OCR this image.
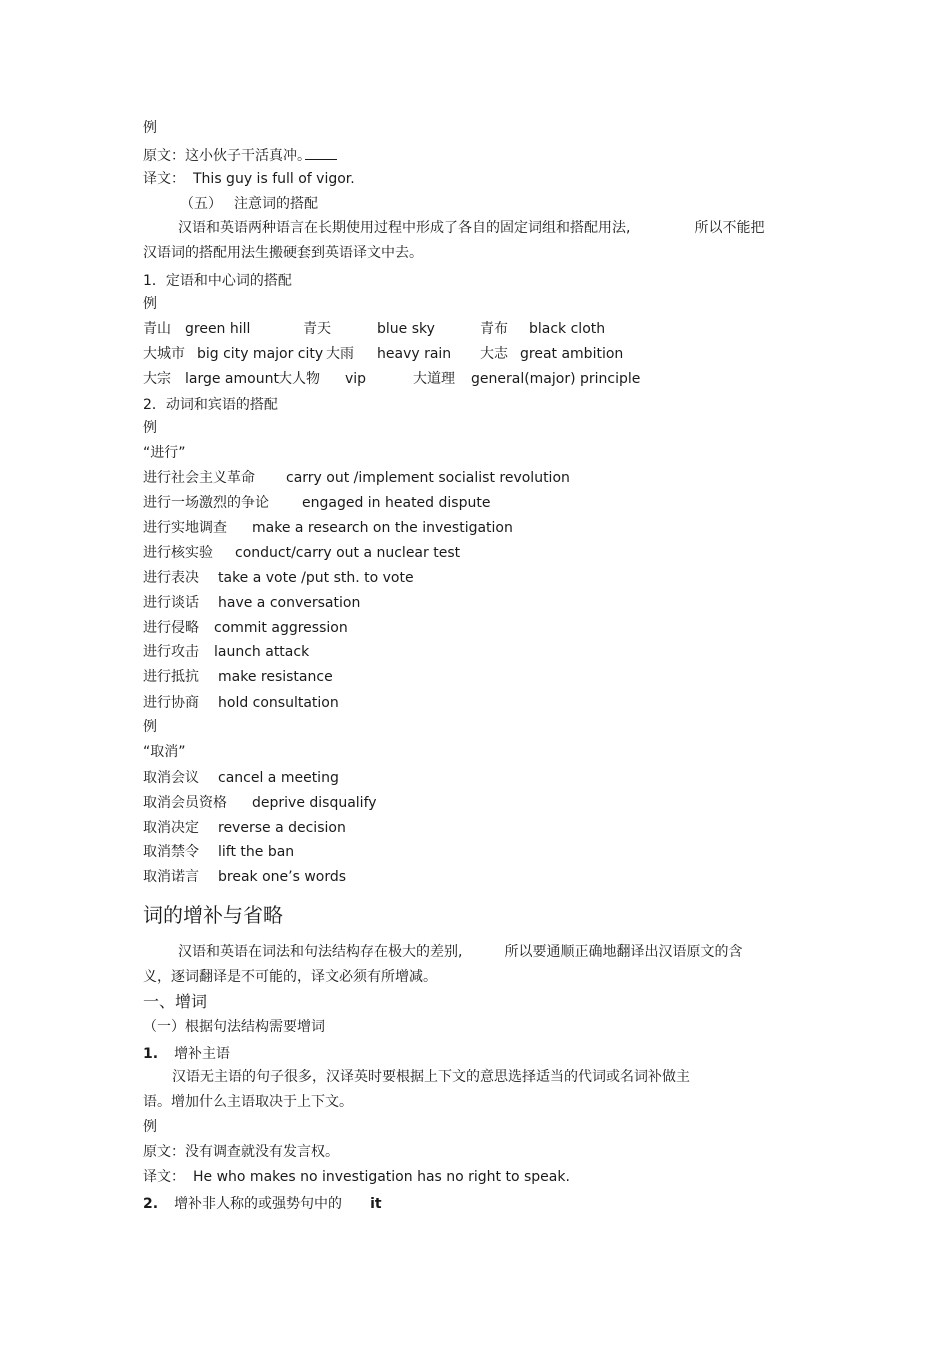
例
原文：这小伙子干活真冲。
译文： This guy is full of vigor.
（五） 注意词的搭配
汉语和英语两种语言在长期使用过程中形成了各自的固定词组和搭配用法,	所以不能把
汉语词的搭配用法生搬硬套到英语译文中去。
1．定语和中心词的搭配
例
青山 green hill	青天	blue sky	青布 black cloth
大城市 big city major city 大雨 heavy rain 大志 great ambition
大宗 large amount 大人物 vip	大道理 general(major) principle
2．动词和宾语的搭配
例
“进行”
进行社会主义革命 carry out /implement socialist revolution
进行一场激烈的争论 engaged in heated dispute
进行实地调查 make a research on the investigation
进行核实验 conduct/carry out a nuclear test
进行表决 take a vote /put sth. to vote
进行谈话 have a conversation
进行侵略 commit aggression
进行攻击 launch attack
进行抵抗 make resistance
进行协商 hold consultation
例
“取消”
取消会议 cancel a meeting
取消会员资格 deprive disqualify
取消决定 reverse a decision
取消禁令 lift the ban
取消诺言 break one’s words
词的增补与省略
汉语和英语在词法和句法结构存在极大的差别,	所以要通顺正确地翻译出汉语原文的含
义，逐词翻译是不可能的，译文必须有所增减。
一、增词
（一）根据句法结构需要增词
1. 增补主语
汉语无主语的句子很多，汉译英时要根据上下文的意思选择适当的代词或名词补做主
语。增加什么主语取决于上下文。
例
原文：没有调查就没有发言权。
译文： He who makes no investigation has no right to speak.
2. 增补非人称的或强势句中的 it
